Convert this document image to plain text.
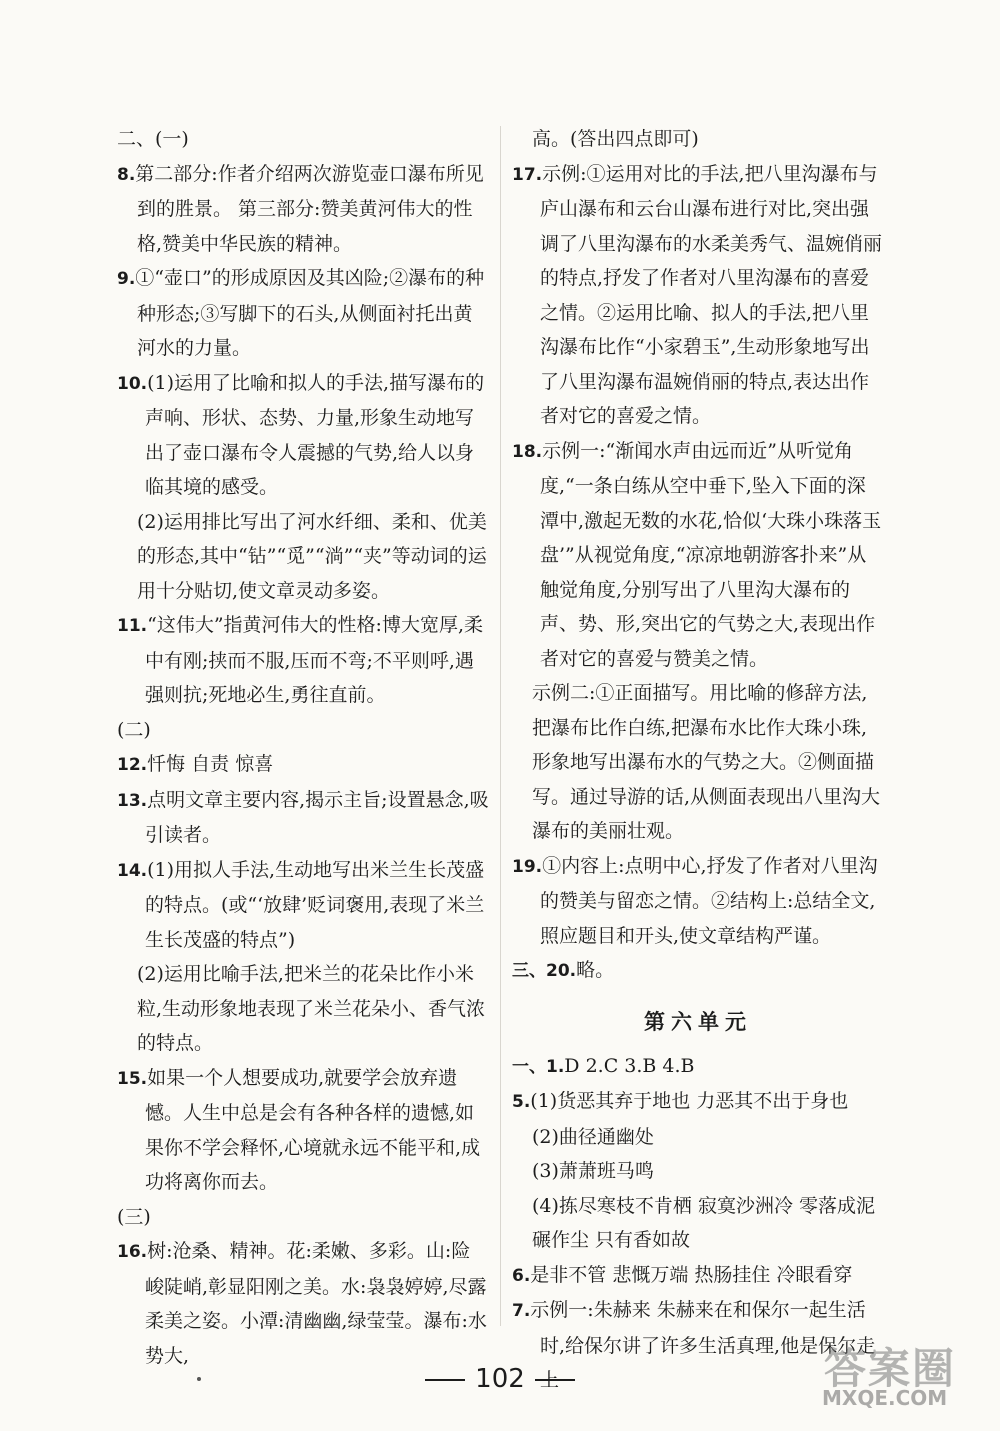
二、(一)

8.第二部分:作者介绍两次游览壶口瀑布所见到的胜景。 第三部分:赞美黄河伟大的性格,赞美中华民族的精神。

9.①“壶口”的形成原因及其凶险;②瀑布的种种形态;③写脚下的石头,从侧面衬托出黄河水的力量。

10.(1)运用了比喻和拟人的手法,描写瀑布的声响、形状、态势、力量,形象生动地写出了壶口瀑布令人震撼的气势,给人以身临其境的感受。

(2)运用排比写出了河水纤细、柔和、优美的形态,其中“钻”“觅”“淌”“夹”等动词的运用十分贴切,使文章灵动多姿。

11.“这伟大”指黄河伟大的性格:博大宽厚,柔中有刚;挟而不服,压而不弯;不平则呼,遇强则抗;死地必生,勇往直前。

(二)

12.忏悔 自责 惊喜

13.点明文章主要内容,揭示主旨;设置悬念,吸引读者。

14.(1)用拟人手法,生动地写出米兰生长茂盛的特点。(或“‘放肆’贬词褒用,表现了米兰生长茂盛的特点”)

(2)运用比喻手法,把米兰的花朵比作小米粒,生动形象地表现了米兰花朵小、香气浓的特点。

15.如果一个人想要成功,就要学会放弃遗憾。人生中总是会有各种各样的遗憾,如果你不学会释怀,心境就永远不能平和,成功将离你而去。

(三)

16.树:沧桑、精神。花:柔嫩、多彩。山:险峻陡峭,彰显阳刚之美。水:袅袅婷婷,尽露柔美之姿。小潭:清幽幽,绿莹莹。瀑布:水势大,

高。(答出四点即可)

17.示例:①运用对比的手法,把八里沟瀑布与庐山瀑布和云台山瀑布进行对比,突出强调了八里沟瀑布的水柔美秀气、温婉俏丽的特点,抒发了作者对八里沟瀑布的喜爱之情。②运用比喻、拟人的手法,把八里沟瀑布比作“小家碧玉”,生动形象地写出了八里沟瀑布温婉俏丽的特点,表达出作者对它的喜爱之情。

18.示例一:“渐闻水声由远而近”从听觉角度,“一条白练从空中垂下,坠入下面的深潭中,激起无数的水花,恰似‘大珠小珠落玉盘’”从视觉角度,“凉凉地朝游客扑来”从触觉角度,分别写出了八里沟大瀑布的声、势、形,突出它的气势之大,表现出作者对它的喜爱与赞美之情。

示例二:①正面描写。用比喻的修辞方法,把瀑布比作白练,把瀑布水比作大珠小珠,形象地写出瀑布水的气势之大。②侧面描写。通过导游的话,从侧面表现出八里沟大瀑布的美丽壮观。

19.①内容上:点明中心,抒发了作者对八里沟的赞美与留恋之情。②结构上:总结全文,照应题目和开头,使文章结构严谨。

三、20.略。

第六单元

一、1.D 2.C 3.B 4.B

5.(1)货恶其弃于地也 力恶其不出于身也

(2)曲径通幽处

(3)萧萧班马鸣

(4)拣尽寒枝不肯栖 寂寞沙洲冷 零落成泥碾作尘 只有香如故

6.是非不管 悲慨万端 热肠挂住 冷眼看穿

7.示例一:朱赫来 朱赫来在和保尔一起生活时,给保尔讲了许多生活真理,他是保尔走上

102	答案圈
MXQE.COM
